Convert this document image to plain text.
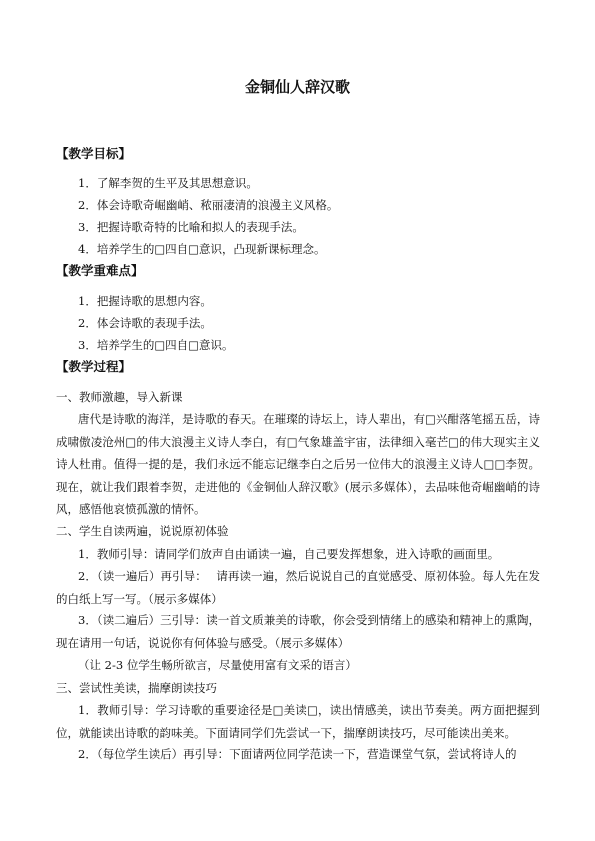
金铜仙人辞汉歌
【教学目标】
1．了解李贺的生平及其思想意识。
2．体会诗歌奇崛幽峭、秾丽凄清的浪漫主义风格。
3．把握诗歌奇特的比喻和拟人的表现手法。
4．培养学生的□四自□意识，凸现新课标理念。
【教学重难点】
1．把握诗歌的思想内容。
2．体会诗歌的表现手法。
3．培养学生的□四自□意识。
【教学过程】
一、教师激趣，导入新课
唐代是诗歌的海洋，是诗歌的春天。在璀璨的诗坛上，诗人辈出，有□兴酣落笔摇五岳，诗成啸傲凌沧州□的伟大浪漫主义诗人李白，有□气象雄盖宇宙，法律细入毫芒□的伟大现实主义诗人杜甫。值得一提的是，我们永远不能忘记继李白之后另一位伟大的浪漫主义诗人□□李贺。现在，就让我们跟着李贺，走进他的《金铜仙人辞汉歌》(展示多媒体），去品味他奇崛幽峭的诗风，感悟他哀愤孤激的情怀。
二、学生自读两遍，说说原初体验
1．教师引导：请同学们放声自由诵读一遍，自己要发挥想象，进入诗歌的画面里。
2．（读一遍后）再引导：　 请再读一遍，然后说说自己的直觉感受、原初体验。每人先在发的白纸上写一写。（展示多媒体）
3．（读二遍后）三引导：读一首文质兼美的诗歌，你会受到情绪上的感染和精神上的熏陶，现在请用一句话，说说你有何体验与感受。（展示多媒体）
（让 2-3 位学生畅所欲言，尽量使用富有文采的语言）
三、尝试性美读，揣摩朗读技巧
1．教师引导：学习诗歌的重要途径是□美读□，读出情感美，读出节奏美。两方面把握到位，就能读出诗歌的韵味美。下面请同学们先尝试一下，揣摩朗读技巧，尽可能读出美来。
2．（每位学生读后）再引导：下面请两位同学范读一下，营造课堂气氛，尝试将诗人的
